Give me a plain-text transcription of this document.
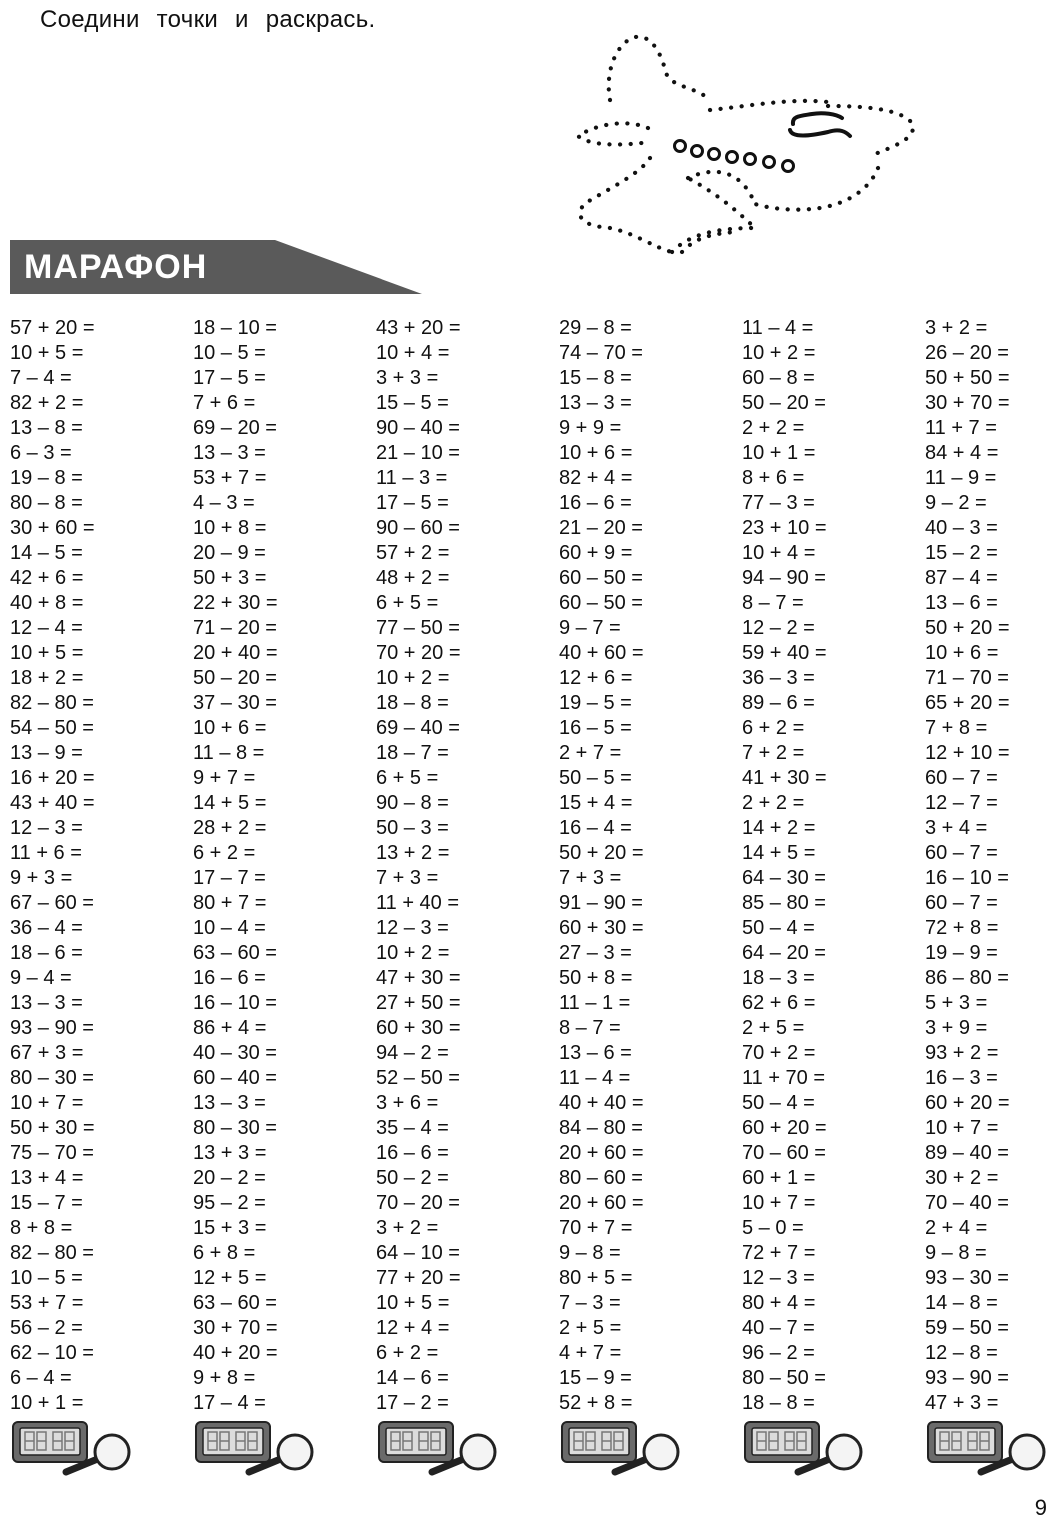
Соедини точки и раскрась.
МАРАФОН
57 + 20 =
10 + 5 =
7 – 4 =
82 + 2 =
13 – 8 =
6 – 3 =
19 – 8 =
80 – 8 =
30 + 60 =
14 – 5 =
42 + 6 =
40 + 8 =
12 – 4 =
10 + 5 =
18 + 2 =
82 – 80 =
54 – 50 =
13 – 9 =
16 + 20 =
43 + 40 =
12 – 3 =
11 + 6 =
9 + 3 =
67 – 60 =
36 – 4 =
18 – 6 =
9 – 4 =
13 – 3 =
93 – 90 =
67 + 3 =
80 – 30 =
10 + 7 =
50 + 30 =
75 – 70 =
13 + 4 =
15 – 7 =
8 + 8 =
82 – 80 =
10 – 5 =
53 + 7 =
56 – 2 =
62 – 10 =
6 – 4 =
10 + 1 =
18 – 10 =
10 – 5 =
17 – 5 =
7 + 6 =
69 – 20 =
13 – 3 =
53 + 7 =
4 – 3 =
10 + 8 =
20 – 9 =
50 + 3 =
22 + 30 =
71 – 20 =
20 + 40 =
50 – 20 =
37 – 30 =
10 + 6 =
11 – 8 =
9 + 7 =
14 + 5 =
28 + 2 =
6 + 2 =
17 – 7 =
80 + 7 =
10 – 4 =
63 – 60 =
16 – 6 =
16 – 10 =
86 + 4 =
40 – 30 =
60 – 40 =
13 – 3 =
80 – 30 =
13 + 3 =
20 – 2 =
95 – 2 =
15 + 3 =
6 + 8 =
12 + 5 =
63 – 60 =
30 + 70 =
40 + 20 =
9 + 8 =
17 – 4 =
43 + 20 =
10 + 4 =
3 + 3 =
15 – 5 =
90 – 40 =
21 – 10 =
11 – 3 =
17 – 5 =
90 – 60 =
57 + 2 =
48 + 2 =
6 + 5 =
77 – 50 =
70 + 20 =
10 + 2 =
18 – 8 =
69 – 40 =
18 – 7 =
6 + 5 =
90 – 8 =
50 – 3 =
13 + 2 =
7 + 3 =
11 + 40 =
12 – 3 =
10 + 2 =
47 + 30 =
27 + 50 =
60 + 30 =
94 – 2 =
52 – 50 =
3 + 6 =
35 – 4 =
16 – 6 =
50 – 2 =
70 – 20 =
3 + 2 =
64 – 10 =
77 + 20 =
10 + 5 =
12 + 4 =
6 + 2 =
14 – 6 =
17 – 2 =
29 – 8 =
74 – 70 =
15 – 8 =
13 – 3 =
9 + 9 =
10 + 6 =
82 + 4 =
16 – 6 =
21 – 20 =
60 + 9 =
60 – 50 =
60 – 50 =
9 – 7 =
40 + 60 =
12 + 6 =
19 – 5 =
16 – 5 =
2 + 7 =
50 – 5 =
15 + 4 =
16 – 4 =
50 + 20 =
7 + 3 =
91 – 90 =
60 + 30 =
27 – 3 =
50 + 8 =
11 – 1 =
8 – 7 =
13 – 6 =
11 – 4 =
40 + 40 =
84 – 80 =
20 + 60 =
80 – 60 =
20 + 60 =
70 + 7 =
9 – 8 =
80 + 5 =
7 – 3 =
2 + 5 =
4 + 7 =
15 – 9 =
52 + 8 =
11 – 4 =
10 + 2 =
60 – 8 =
50 – 20 =
2 + 2 =
10 + 1 =
8 + 6 =
77 – 3 =
23 + 10 =
10 + 4 =
94 – 90 =
8 – 7 =
12 – 2 =
59 + 40 =
36 – 3 =
89 – 6 =
6 + 2 =
7 + 2 =
41 + 30 =
2 + 2 =
14 + 2 =
14 + 5 =
64 – 30 =
85 – 80 =
50 – 4 =
64 – 20 =
18 – 3 =
62 + 6 =
2 + 5 =
70 + 2 =
11 + 70 =
50 – 4 =
60 + 20 =
70 – 60 =
60 + 1 =
10 + 7 =
5 – 0 =
72 + 7 =
12 – 3 =
80 + 4 =
40 – 7 =
96 – 2 =
80 – 50 =
18 – 8 =
3 + 2 =
26 – 20 =
50 + 50 =
30 + 70 =
11 + 7 =
84 + 4 =
11 – 9 =
9 – 2 =
40 – 3 =
15 – 2 =
87 – 4 =
13 – 6 =
50 + 20 =
10 + 6 =
71 – 70 =
65 + 20 =
7 + 8 =
12 + 10 =
60 – 7 =
12 – 7 =
3 + 4 =
60 – 7 =
16 – 10 =
60 – 7 =
72 + 8 =
19 – 9 =
86 – 80 =
5 + 3 =
3 + 9 =
93 + 2 =
16 – 3 =
60 + 20 =
10 + 7 =
89 – 40 =
30 + 2 =
70 – 40 =
2 + 4 =
9 – 8 =
93 – 30 =
14 – 8 =
59 – 50 =
12 – 8 =
93 – 90 =
47 + 3 =
9
